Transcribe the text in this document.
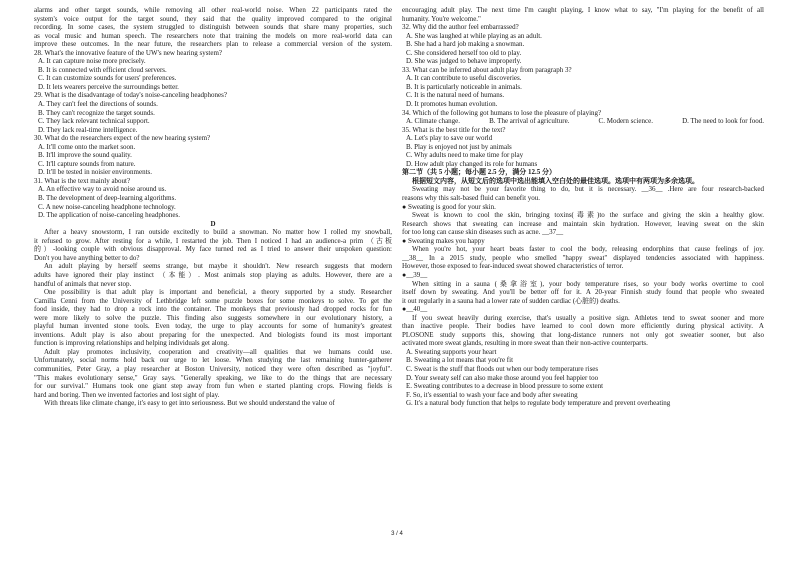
alarms and other target sounds, while removing all other real-world noise. When 22 participants rated the
system's voice output for the target sound, they said that the quality improved compared to the original
recording. In some cases, the system struggled to distinguish between sounds that share many properties, such
as vocal music and human speech. The researchers note that training the models on more real-world data can
improve these outcomes. In the near future, the researchers plan to release a commercial version of the system.
28. What's the innovative feature of the UW's new hearing system?
A. It can capture noise more precisely.
B. It is connected with efficient cloud servers.
C. It can customize sounds for users' preferences.
D. It lets wearers perceive the surroundings better.
29. What is the disadvantage of today's noise-canceling headphones?
A. They can't feel the directions of sounds.
B. They can't recognize the target sounds.
C. They lack relevant technical support.
D. They lack real-time intelligence.
30. What do the researchers expect of the new hearing system?
A. It'll come onto the market soon.
B. It'll improve the sound quality.
C. It'll capture sounds from nature.
D. It'll be tested in noisier environments.
31. What is the text mainly about?
A. An effective way to avoid noise around us.
B. The development of deep-learning algorithms.
C. A new noise-canceling headphone technology.
D. The application of noise-canceling headphones.
D
After a heavy snowstorm, I ran outside excitedly to build a snowman. No matter how I rolled my snowball,
it refused to grow. After resting for a while, I restarted the job. Then I noticed I had an audience-a prim （古板
的）-looking couple with obvious disapproval. My face turned red as I tried to answer their unspoken question:
Don't you have anything better to do?
An adult playing by herself seems strange, but maybe it shouldn't. New research suggests that modern
adults have ignored their play instinct （本能）. Most animals stop playing as adults. However, there are a
handful of animals that never stop.
One possibility is that adult play is important and beneficial, a theory supported by a study. Researcher
Camilla Cenni from the University of Lethbridge left some puzzle boxes for some monkeys to solve. To get the
food inside, they had to drop a rock into the container. The monkeys that previously had dropped rocks for fun
were more likely to solve the puzzle. This finding also suggests somewhere in our evolutionary history, a
playful human invented stone tools. Even today, the urge to play accounts for some of humanity's greatest
inventions. Adult play is also about preparing for the unexpected. And biologists found its most important
function is improving relationships and helping individuals get along.
Adult play promotes inclusivity, cooperation and creativity—all qualities that we humans could use.
Unfortunately, social norms hold back our urge to let loose. When studying the last remaining hunter-gatherer
communities, Peter Gray, a play researcher at Boston University, noticed they were often described as "joyful".
"This makes evolutionary sense," Gray says. "Generally speaking, we like to do the things that are necessary
for our survival." Humans took one giant step away from fun when e started planting crops. Flowing fields is
hard and boring. Then we invented factories and lost sight of play.
With threats like climate change, it's easy to get into seriousness. But we should understand the value of
encouraging adult play. The next time I'm caught playing, I know what to say, "I'm playing for the benefit of all
humanity. You're welcome."
32. Why did the author feel embarrassed?
A. She was laughed at while playing as an adult.
B. She had a hard job making a snowman.
C. She considered herself too old to play.
D. She was judged to behave improperly.
33. What can be inferred about adult play from paragraph 3?
A. It can contribute to useful discoveries.
B. It is particularly noticeable in animals.
C. It is the natural need of humans.
D. It promotes human evolution.
34. Which of the following got humans to lose the pleasure of playing?
A. Climate change.	B. The arrival of agriculture.	C. Modern science.	D. The need to look for food.
35. What is the best title for the text?
A. Let's play to save our world
B. Play is enjoyed not just by animals
C. Why adults need to make time for play
D. How adult play changed its role for humans
第二节（共 5 小题；每小题 2.5 分，满分 12.5 分）
根据短文内容，从短文后的选项中选出能填入空白处的最佳选项。选项中有两项为多余选项。
Sweating may not be your favorite thing to do, but it is necessary. __36__ .Here are four research-backed
reasons why this salt-based fluid can benefit you.
● Sweating is good for your skin.
Sweat is known to cool the skin, bringing toxins(毒素)to the surface and giving the skin a healthy glow.
Research shows that sweating can increase and maintain skin hydration. However, leaving sweat on the skin
for too long can cause skin diseases such as acne. __37__
● Sweating makes you happy
When you're hot, your heart beats faster to cool the body, releasing endorphins that cause feelings of joy.
__38__ In a 2015 study, people who smelled "happy sweat" displayed tendencies associated with happiness.
However, those exposed to fear-induced sweat showed characteristics of terror.
●__39__
When sitting in a sauna (桑拿浴室), your body temperature rises, so your body works overtime to cool
itself down by sweating. And you'll be better off for it. A 20-year Finnish study found that people who sweated
it out regularly in a sauna had a lower rate of sudden cardiac (心脏的) deaths.
●__40__
If you sweat heavily during exercise, that's usually a positive sign. Athletes tend to sweat sooner and more
than inactive people. Their bodies have learned to cool down more efficiently during physical activity. A
PLOSONE study supports this, showing that long-distance runners not only got sweatier sooner, but also
activated more sweat glands, resulting in more sweat than their non-active counterparts.
A. Sweating supports your heart
B. Sweating a lot means that you're fit
C. Sweat is the stuff that floods out when our body temperature rises
D. Your sweaty self can also make those around you feel happier too
E. Sweating contributes to a decrease in blood pressure to some extent
F. So, it's essential to wash your face and body after sweating
G. It's a natural body function that helps to regulate body temperature and prevent overheating
3 / 4
